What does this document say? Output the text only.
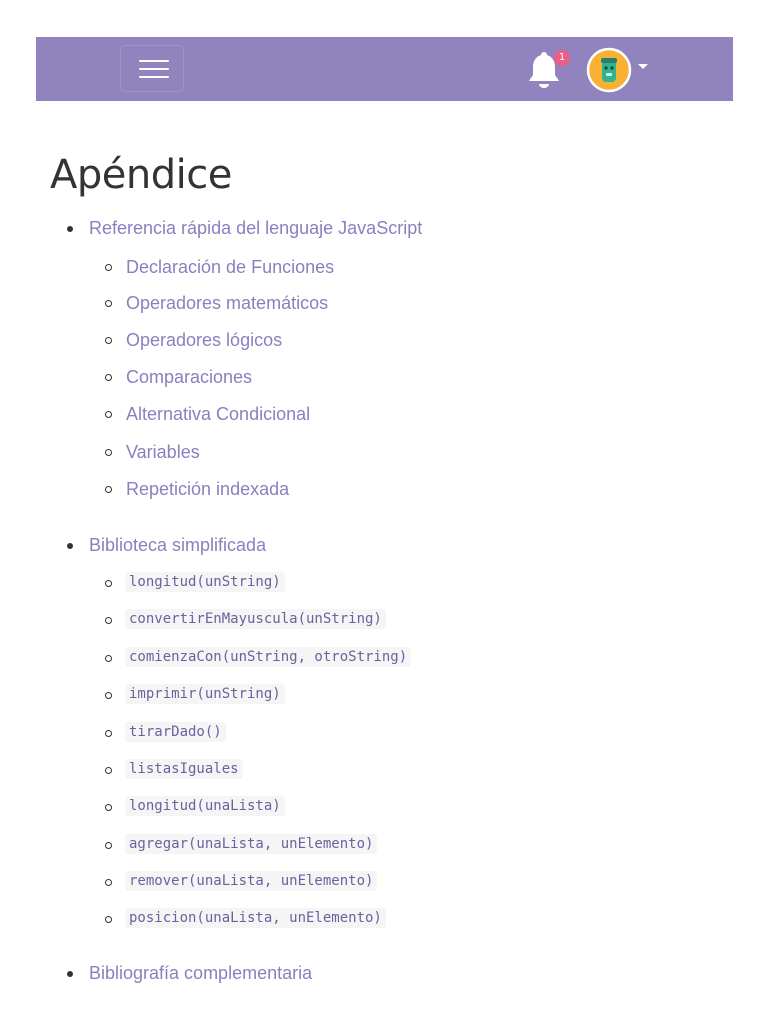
1
Apéndice
Referencia rápida del lenguaje JavaScript
Declaración de Funciones
Operadores matemáticos
Operadores lógicos
Comparaciones
Alternativa Condicional
Variables
Repetición indexada
Biblioteca simplificada
longitud(unString)
convertirEnMayuscula(unString)
comienzaCon(unString, otroString)
imprimir(unString)
tirarDado()
listasIguales
longitud(unaLista)
agregar(unaLista, unElemento)
remover(unaLista, unElemento)
posicion(unaLista, unElemento)
Bibliografía complementaria
